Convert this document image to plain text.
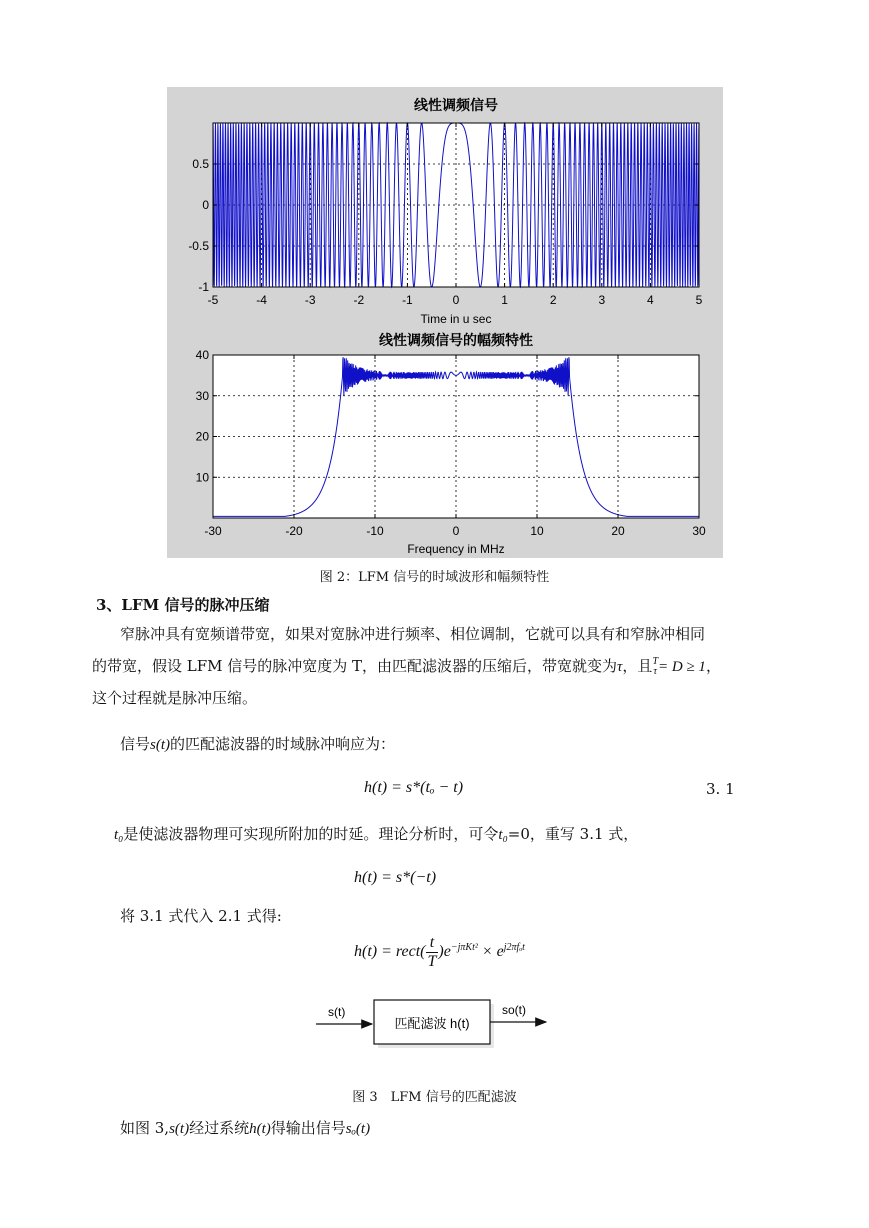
-5	-4	-3	-2	-1	0	1	2	3	4	5
-1
-0.5
0
0.5
线性调频信号
Time in u sec
-30	-20	-10	0	10	20	30
10
20
30
40
线性调频信号的幅频特性
Frequency in MHz
图 2：LFM 信号的时域波形和幅频特性
3、LFM 信号的脉冲压缩
窄脉冲具有宽频谱带宽，如果对宽脉冲进行频率、相位调制，它就可以具有和窄脉冲相同
的带宽，假设 LFM 信号的脉冲宽度为 T，由匹配滤波器的压缩后，带宽就变为τ，且 T
τ = D ≥ 1，
这个过程就是脉冲压缩。
信号s(t)的匹配滤波器的时域脉冲响应为：
h(t) = s*(tₒ − t)	3. 1
t₀是使滤波器物理可实现所附加的时延。理论分析时，可令t₀=0，重写 3.1 式，
h(t) = s*(−t)
将 3.1 式代入 2.1 式得:
h(t) = rect( $\frac{t}{T} )e^{-j\pi Kt^2} \times e^{j2\pi f_ot}$
s(t)
匹配滤波 h(t)
so(t)
图 3　LFM 信号的匹配滤波
如图 3,s(t)经过系统h(t)得输出信号sₒ(t)
